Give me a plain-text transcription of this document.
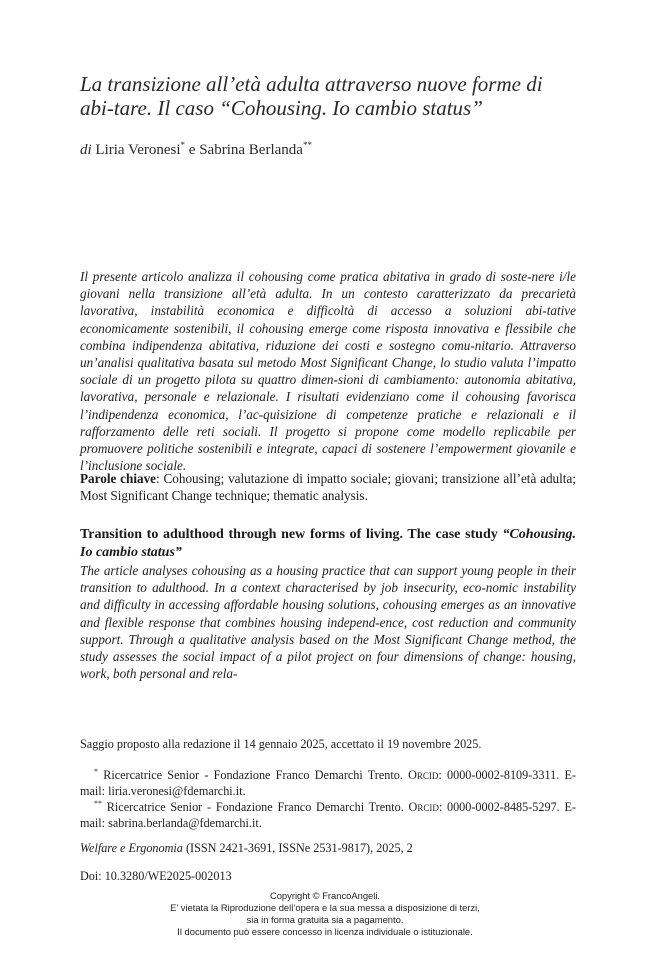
La transizione all’età adulta attraverso nuove forme di abi-tare. Il caso “Cohousing. Io cambio status”
di Liria Veronesi* e Sabrina Berlanda**
Il presente articolo analizza il cohousing come pratica abitativa in grado di soste-nere i/le giovani nella transizione all’età adulta. In un contesto caratterizzato da precarietà lavorativa, instabilità economica e difficoltà di accesso a soluzioni abi-tative economicamente sostenibili, il cohousing emerge come risposta innovativa e flessibile che combina indipendenza abitativa, riduzione dei costi e sostegno comu-nitario. Attraverso un’analisi qualitativa basata sul metodo Most Significant Change, lo studio valuta l’impatto sociale di un progetto pilota su quattro dimen-sioni di cambiamento: autonomia abitativa, lavorativa, personale e relazionale. I risultati evidenziano come il cohousing favorisca l’indipendenza economica, l’ac-quisizione di competenze pratiche e relazionali e il rafforzamento delle reti sociali. Il progetto si propone come modello replicabile per promuovere politiche sostenibili e integrate, capaci di sostenere l’empowerment giovanile e l’inclusione sociale.
Parole chiave: Cohousing; valutazione di impatto sociale; giovani; transizione all’età adulta; Most Significant Change technique; thematic analysis.
Transition to adulthood through new forms of living. The case study “Cohousing. Io cambio status”
The article analyses cohousing as a housing practice that can support young people in their transition to adulthood. In a context characterised by job insecurity, eco-nomic instability and difficulty in accessing affordable housing solutions, cohousing emerges as an innovative and flexible response that combines housing independ-ence, cost reduction and community support. Through a qualitative analysis based on the Most Significant Change method, the study assesses the social impact of a pilot project on four dimensions of change: housing, work, both personal and rela-
Saggio proposto alla redazione il 14 gennaio 2025, accettato il 19 novembre 2025.
* Ricercatrice Senior - Fondazione Franco Demarchi Trento. Orcid: 0000-0002-8109-3311. E-mail: liria.veronesi@fdemarchi.it.
** Ricercatrice Senior - Fondazione Franco Demarchi Trento. Orcid: 0000-0002-8485-5297. E-mail: sabrina.berlanda@fdemarchi.it.
Welfare e Ergonomia (ISSN 2421-3691, ISSNe 2531-9817), 2025, 2
Doi: 10.3280/WE2025-002013
Copyright © FrancoAngeli.
E’ vietata la Riproduzione dell’opera e la sua messa a disposizione di terzi,
sia in forma gratuita sia a pagamento.
Il documento può essere concesso in licenza individuale o istituzionale.
